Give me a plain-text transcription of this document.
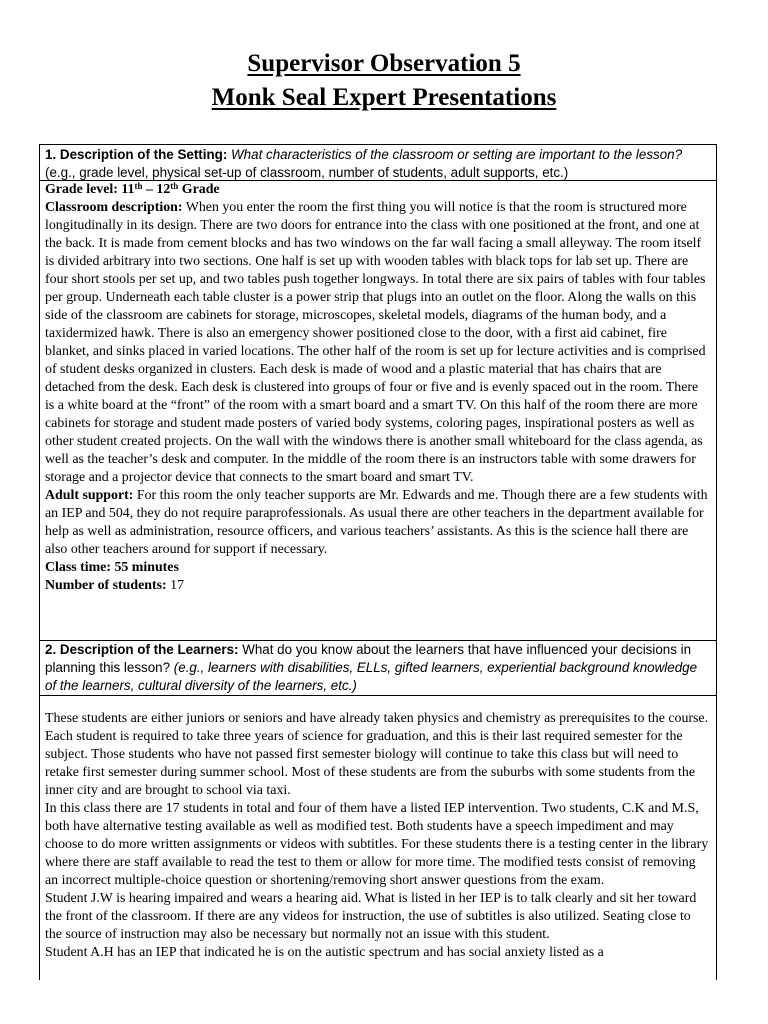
Supervisor Observation 5
Monk Seal Expert Presentations
1. Description of the Setting: What characteristics of the classroom or setting are important to the lesson? (e.g., grade level, physical set-up of classroom, number of students, adult supports, etc.)

Grade level: 11th – 12th Grade

Classroom description: When you enter the room the first thing you will notice is that the room is structured more longitudinally in its design. There are two doors for entrance into the class with one positioned at the front, and one at the back. It is made from cement blocks and has two windows on the far wall facing a small alleyway. The room itself is divided arbitrary into two sections. One half is set up with wooden tables with black tops for lab set up. There are four short stools per set up, and two tables push together longways. In total there are six pairs of tables with four tables per group. Underneath each table cluster is a power strip that plugs into an outlet on the floor. Along the walls on this side of the classroom are cabinets for storage, microscopes, skeletal models, diagrams of the human body, and a taxidermized hawk. There is also an emergency shower positioned close to the door, with a first aid cabinet, fire blanket, and sinks placed in varied locations. The other half of the room is set up for lecture activities and is comprised of student desks organized in clusters. Each desk is made of wood and a plastic material that has chairs that are detached from the desk. Each desk is clustered into groups of four or five and is evenly spaced out in the room. There is a white board at the “front” of the room with a smart board and a smart TV. On this half of the room there are more cabinets for storage and student made posters of varied body systems, coloring pages, inspirational posters as well as other student created projects. On the wall with the windows there is another small whiteboard for the class agenda, as well as the teacher’s desk and computer. In the middle of the room there is an instructors table with some drawers for storage and a projector device that connects to the smart board and smart TV.

Adult support: For this room the only teacher supports are Mr. Edwards and me. Though there are a few students with an IEP and 504, they do not require paraprofessionals. As usual there are other teachers in the department available for help as well as administration, resource officers, and various teachers’ assistants. As this is the science hall there are also other teachers around for support if necessary.

Class time: 55 minutes

Number of students: 17

2. Description of the Learners: What do you know about the learners that have influenced your decisions in planning this lesson? (e.g., learners with disabilities, ELLs, gifted learners, experiential background knowledge of the learners, cultural diversity of the learners, etc.)

These students are either juniors or seniors and have already taken physics and chemistry as prerequisites to the course. Each student is required to take three years of science for graduation, and this is their last required semester for the subject. Those students who have not passed first semester biology will continue to take this class but will need to retake first semester during summer school. Most of these students are from the suburbs with some students from the inner city and are brought to school via taxi.

In this class there are 17 students in total and four of them have a listed IEP intervention. Two students, C.K and M.S, both have alternative testing available as well as modified test. Both students have a speech impediment and may choose to do more written assignments or videos with subtitles. For these students there is a testing center in the library where there are staff available to read the test to them or allow for more time. The modified tests consist of removing an incorrect multiple-choice question or shortening/removing short answer questions from the exam.

Student J.W is hearing impaired and wears a hearing aid. What is listed in her IEP is to talk clearly and sit her toward the front of the classroom. If there are any videos for instruction, the use of subtitles is also utilized. Seating close to the source of instruction may also be necessary but normally not an issue with this student.

Student A.H has an IEP that indicated he is on the autistic spectrum and has social anxiety listed as a
